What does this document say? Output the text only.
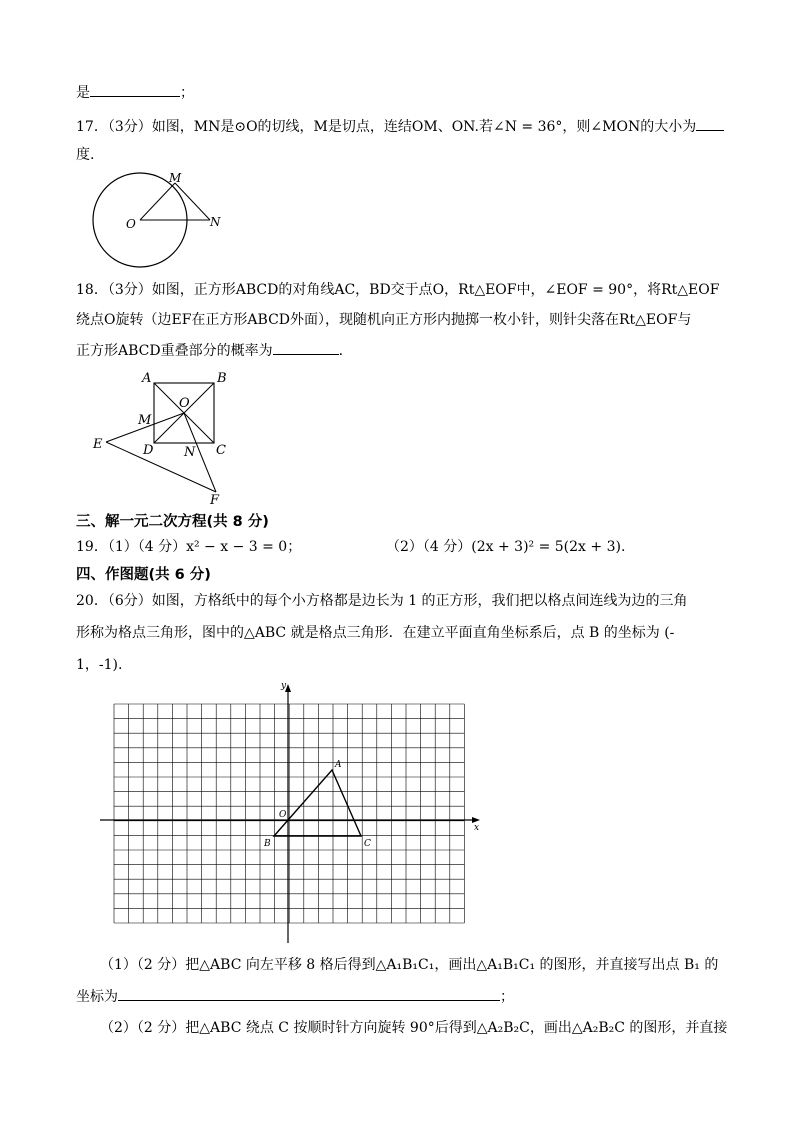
是	；
17．（3分）如图，MN是⊙O的切线，M是切点，连结OM、ON.若∠N = 36°，则∠MON的大小为
度.
O
M
N
18．（3分）如图，正方形ABCD的对角线AC，BD交于点O，Rt△EOF中，∠EOF = 90°，将Rt△EOF
绕点O旋转（边EF在正方形ABCD外面），现随机向正方形内抛掷一枚小针，则针尖落在Rt△EOF与
正方形ABCD重叠部分的概率为	.
A	B
C
D
O
M
N
E
F
三、解一元二次方程(共 8 分)
19．（1）（4 分）x² − x − 3 = 0；	（2）（4 分）(2x + 3)² = 5(2x + 3).
四、作图题(共 6 分)
20．（6分）如图，方格纸中的每个小方格都是边长为 1 的正方形，我们把以格点间连线为边的三角
形称为格点三角形，图中的△ABC 就是格点三角形．在建立平面直角坐标系后，点 B 的坐标为 (-
1，-1).
x
y
O
A
B	C
（1）（2 分）把△ABC 向左平移 8 格后得到△A₁B₁C₁，画出△A₁B₁C₁ 的图形，并直接写出点 B₁ 的
坐标为	；
（2）（2 分）把△ABC 绕点 C 按顺时针方向旋转 90°后得到△A₂B₂C，画出△A₂B₂C 的图形，并直接
